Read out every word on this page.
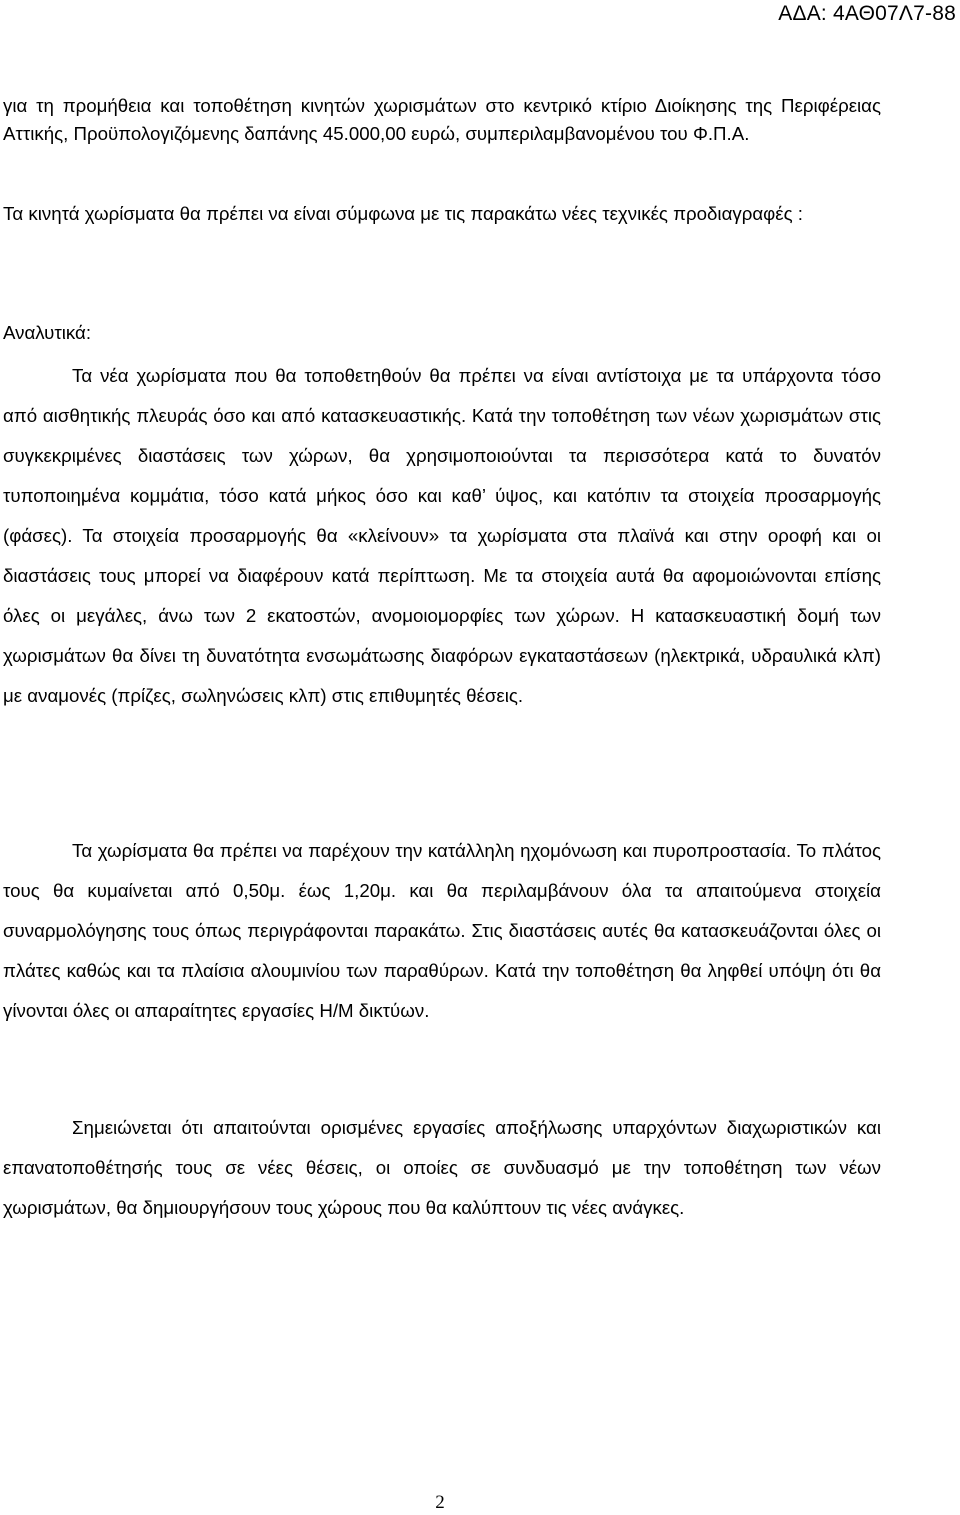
ΑΔΑ: 4ΑΘ07Λ7-88

για τη προμήθεια και τοποθέτηση κινητών χωρισμάτων στο κεντρικό κτίριο Διοίκησης της Περιφέρειας Αττικής, Προϋπολογιζόμενης δαπάνης 45.000,00 ευρώ, συμπεριλαμβανομένου του Φ.Π.Α.

Τα κινητά χωρίσματα θα πρέπει να είναι σύμφωνα με τις παρακάτω νέες τεχνικές προδιαγραφές :

Αναλυτικά:

Τα νέα χωρίσματα που θα τοποθετηθούν θα πρέπει να είναι αντίστοιχα με τα υπάρχοντα τόσο από αισθητικής πλευράς όσο και από κατασκευαστικής. Κατά την τοποθέτηση των νέων χωρισμάτων στις συγκεκριμένες διαστάσεις των χώρων, θα χρησιμοποιούνται τα περισσότερα κατά το δυνατόν τυποποιημένα κομμάτια, τόσο κατά μήκος όσο και καθ’ ύψος, και κατόπιν τα στοιχεία προσαρμογής (φάσες). Τα στοιχεία προσαρμογής θα «κλείνουν» τα χωρίσματα στα πλαϊνά και στην οροφή και οι διαστάσεις τους μπορεί να διαφέρουν κατά περίπτωση. Με τα στοιχεία αυτά θα αφομοιώνονται επίσης όλες οι μεγάλες, άνω των 2 εκατοστών, ανομοιομορφίες των χώρων. Η κατασκευαστική δομή των χωρισμάτων θα δίνει τη δυνατότητα ενσωμάτωσης διαφόρων εγκαταστάσεων (ηλεκτρικά, υδραυλικά κλπ) με αναμονές (πρίζες, σωληνώσεις κλπ) στις επιθυμητές θέσεις.

Τα χωρίσματα θα πρέπει να παρέχουν την κατάλληλη ηχομόνωση και πυροπροστασία. Το πλάτος τους θα κυμαίνεται από 0,50μ. έως 1,20μ. και θα περιλαμβάνουν όλα τα απαιτούμενα στοιχεία συναρμολόγησης τους όπως περιγράφονται παρακάτω. Στις διαστάσεις αυτές θα κατασκευάζονται όλες οι πλάτες καθώς και τα πλαίσια αλουμινίου των παραθύρων. Κατά την τοποθέτηση θα ληφθεί υπόψη ότι θα γίνονται όλες οι απαραίτητες εργασίες Η/Μ δικτύων.

Σημειώνεται ότι απαιτούνται ορισμένες εργασίες αποξήλωσης υπαρχόντων διαχωριστικών και επανατοποθέτησής τους σε νέες θέσεις, οι οποίες σε συνδυασμό με την τοποθέτηση των νέων χωρισμάτων, θα δημιουργήσουν τους χώρους που θα καλύπτουν τις νέες ανάγκες.

2
